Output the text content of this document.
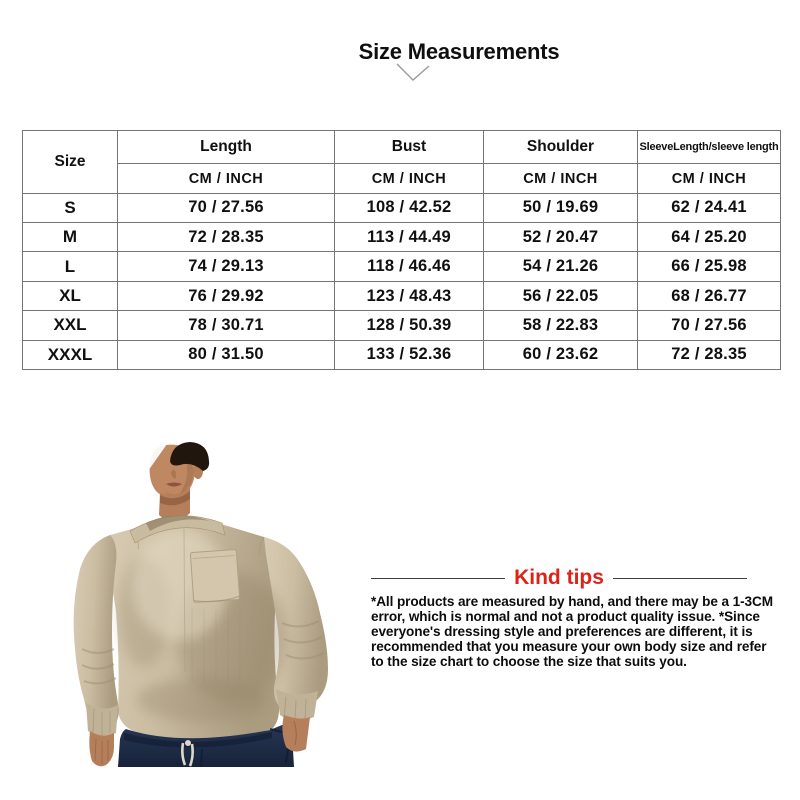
Size Measurements
Size	Length	Bust	Shoulder	SleeveLength/sleeve length
	CM / INCH	CM / INCH	CM / INCH	CM / INCH
S	70 / 27.56	108 / 42.52	50 / 19.69	62 / 24.41
M	72 / 28.35	113 / 44.49	52 / 20.47	64 / 25.20
L	74 / 29.13	118 / 46.46	54 / 21.26	66 / 25.98
XL	76 / 29.92	123 / 48.43	56 / 22.05	68 / 26.77
XXL	78 / 30.71	128 / 50.39	58 / 22.83	70 / 27.56
XXXL	80 / 31.50	133 / 52.36	60 / 23.62	72 / 28.35
Kind tips
*All products are measured by hand, and there may be a 1-3CM
error, which is normal and not a product quality issue. *Since
everyone's dressing style and preferences are different, it is
recommended that you measure your own body size and refer
to the size chart to choose the size that suits you.
